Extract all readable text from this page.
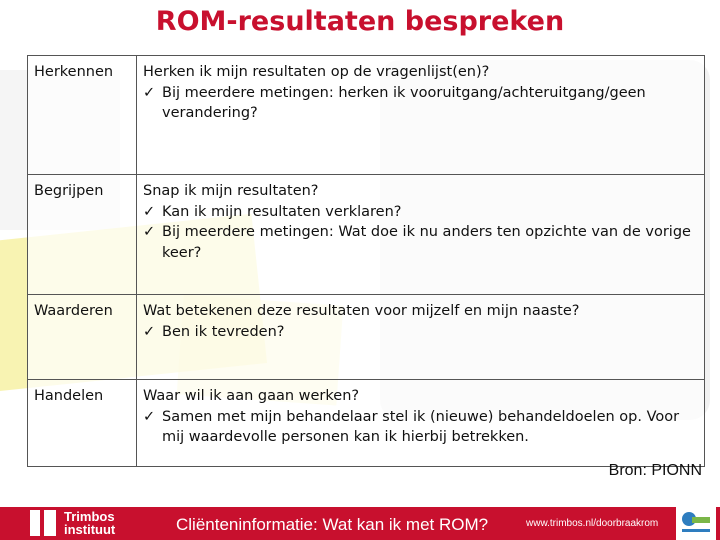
ROM-resultaten bespreken
Herkennen	Herken ik mijn resultaten op de vragenlijst(en)?
✓ Bij meerdere metingen: herken ik vooruitgang/achteruitgang/geen verandering?

Begrijpen	Snap ik mijn resultaten?
✓ Kan ik mijn resultaten verklaren?
✓ Bij meerdere metingen: Wat doe ik nu anders ten opzichte van de vorige keer?

Waarderen	Wat betekenen deze resultaten voor mijzelf en mijn naaste?
✓ Ben ik tevreden?

Handelen	Waar wil ik aan gaan werken?
✓ Samen met mijn behandelaar stel ik (nieuwe) behandeldoelen op. Voor mij waardevolle personen kan ik hierbij betrekken.
Bron: PIONN
Trimbos
instituut	Cliënteninformatie: Wat kan ik met ROM?	www.trimbos.nl/doorbraakrom
